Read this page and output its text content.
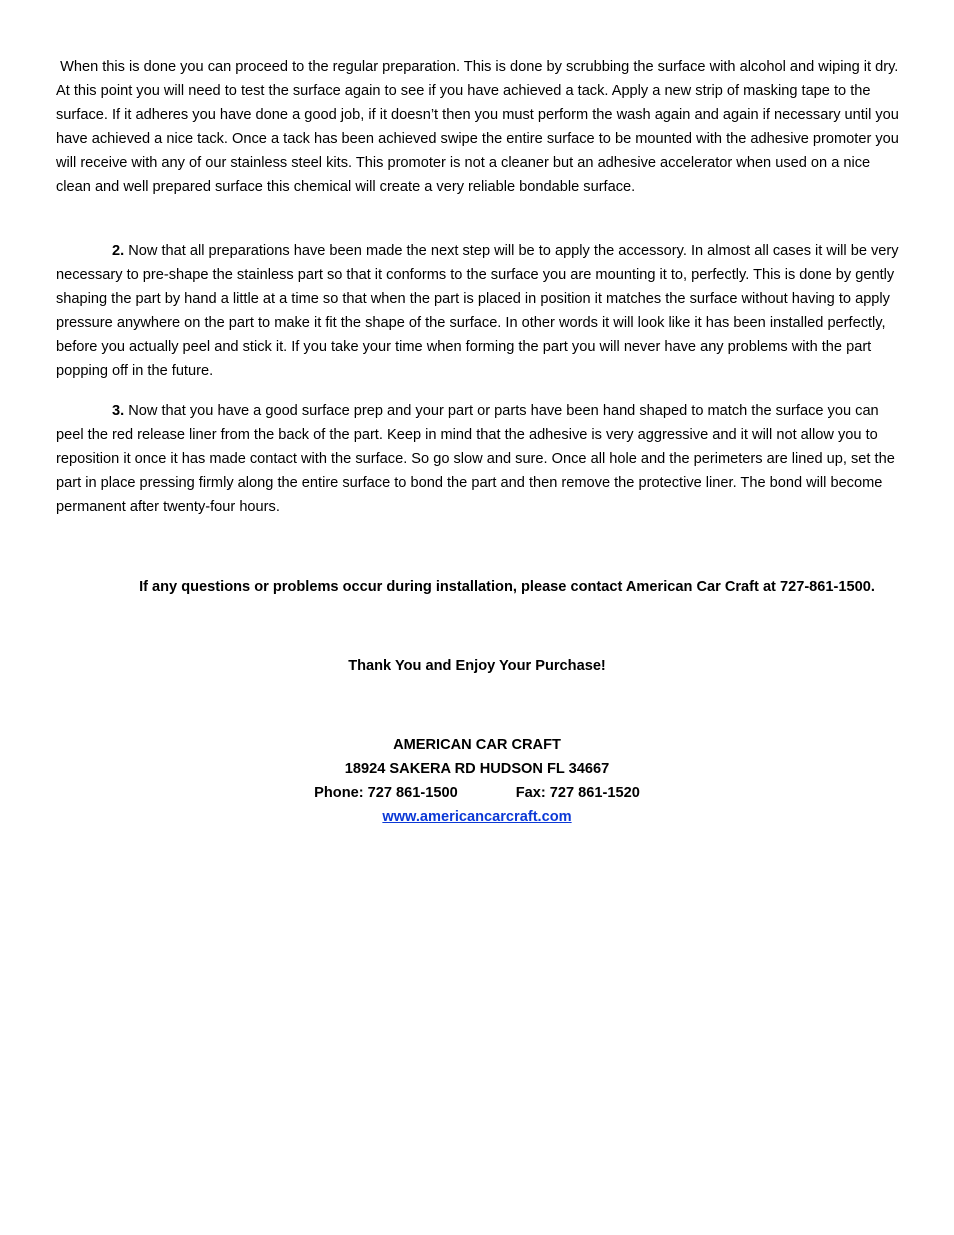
When this is done you can proceed to the regular preparation. This is done by scrubbing the surface with alcohol and wiping it dry. At this point you will need to test the surface again to see if you have achieved a tack. Apply a new strip of masking tape to the surface. If it adheres you have done a good job, if it doesn’t then you must perform the wash again and again if necessary until you have achieved a nice tack. Once a tack has been achieved swipe the entire surface to be mounted with the adhesive promoter you will receive with any of our stainless steel kits. This promoter is not a cleaner but an adhesive accelerator when used on a nice clean and well prepared surface this chemical will create a very reliable bondable surface.

2. Now that all preparations have been made the next step will be to apply the accessory. In almost all cases it will be very necessary to pre-shape the stainless part so that it conforms to the surface you are mounting it to, perfectly. This is done by gently shaping the part by hand a little at a time so that when the part is placed in position it matches the surface without having to apply pressure anywhere on the part to make it fit the shape of the surface. In other words it will look like it has been installed perfectly, before you actually peel and stick it. If you take your time when forming the part you will never have any problems with the part popping off in the future.

3. Now that you have a good surface prep and your part or parts have been hand shaped to match the surface you can peel the red release liner from the back of the part. Keep in mind that the adhesive is very aggressive and it will not allow you to reposition it once it has made contact with the surface. So go slow and sure. Once all hole and the perimeters are lined up, set the part in place pressing firmly along the entire surface to bond the part and then remove the protective liner. The bond will become permanent after twenty-four hours.

If any questions or problems occur during installation, please contact American Car Craft at 727-861-1500.

Thank You and Enjoy Your Purchase!

AMERICAN CAR CRAFT

18924 SAKERA RD HUDSON FL 34667

Phone: 727 861-1500	Fax: 727 861-1520

www.americancarcraft.com
